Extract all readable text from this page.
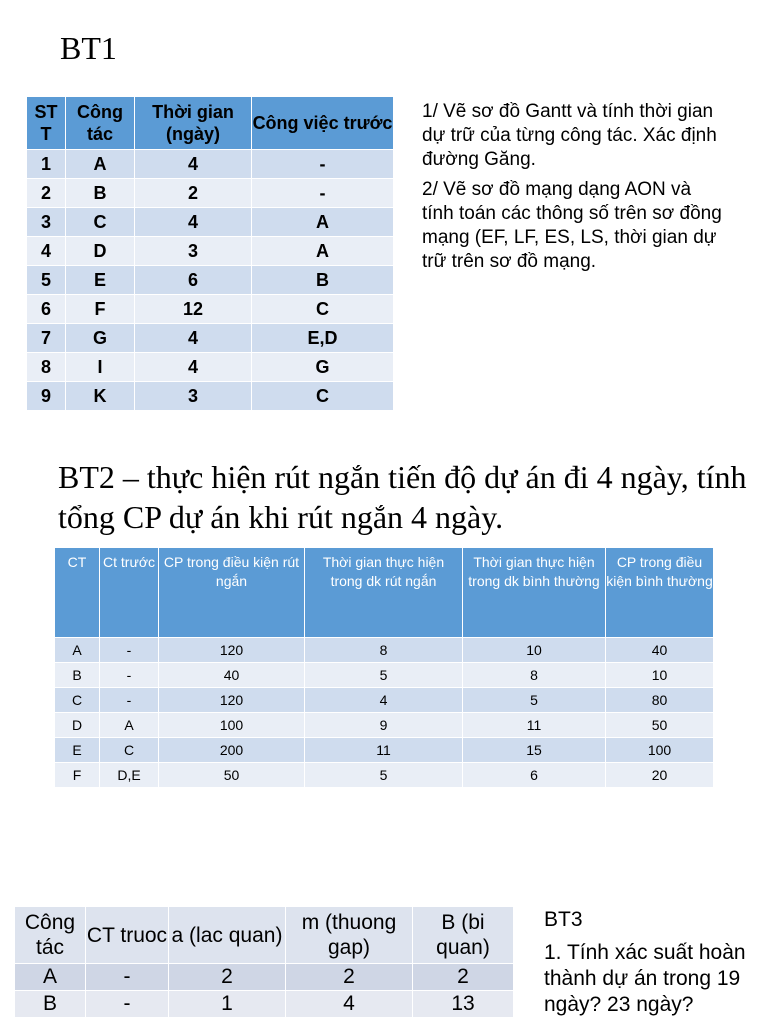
BT1
ST T	Công tác	Thời gian (ngày)	Công việc trước
1	A	4	-
2	B	2	-
3	C	4	A
4	D	3	A
5	E	6	B
6	F	12	C
7	G	4	E,D
8	I	4	G
9	K	3	C

1/ Vẽ sơ đồ Gantt và tính thời gian dự trữ của từng công tác. Xác định đường Găng.

2/ Vẽ sơ đồ mạng dạng AON và tính toán các thông số trên sơ đồng mạng (EF, LF, ES, LS, thời gian dự trữ trên sơ đồ mạng.

BT2 – thực hiện rút ngắn tiến độ dự án đi 4 ngày, tính tổng CP dự án khi rút ngắn 4 ngày.
CT	Ct trước	CP trong điều kiện rút ngắn	Thời gian thực hiện trong dk rút ngắn	Thời gian thực hiện trong dk bình thường	CP trong điều kiện bình thường
A	-	120	8	10	40
B	-	40	5	8	10
C	-	120	4	5	80
D	A	100	9	11	50
E	C	200	11	15	100
F	D,E	50	5	6	20
Công tác	CT truoc	a (lac quan)	m (thuong gap)	B (bi quan)
A	-	2	2	2
B	-	1	4	13
BT3
1. Tính xác suất hoàn thành dự án trong 19 ngày? 23 ngày?
